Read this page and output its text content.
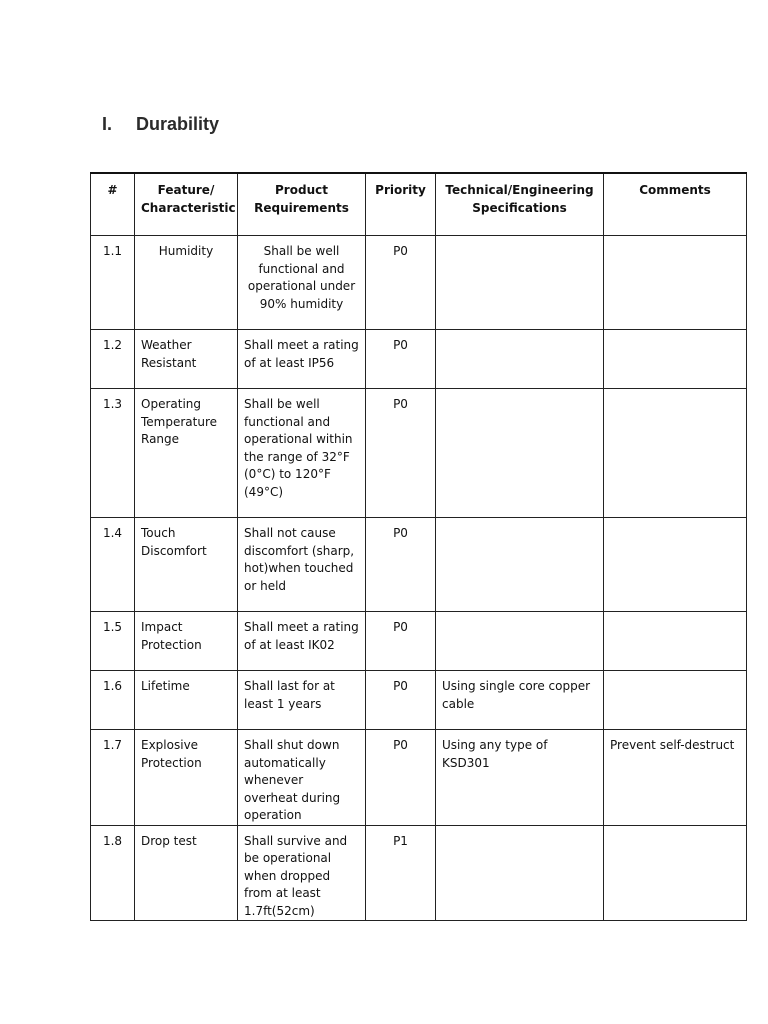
I.	Durability
#	Feature/ Characteristic	Product Requirements	Priority	Technical/Engineering Specifications	Comments
1.1	Humidity	Shall be well functional and operational under 90% humidity	P0		
1.2	Weather Resistant	Shall meet a rating of at least IP56	P0		
1.3	Operating Temperature Range	Shall be well functional and operational within the range of 32°F (0°C) to 120°F (49°C)	P0		
1.4	Touch Discomfort	Shall not cause discomfort (sharp, hot)when touched or held	P0		
1.5	Impact Protection	Shall meet a rating of at least IK02	P0		
1.6	Lifetime	Shall last for at least 1 years	P0	Using single core copper cable	
1.7	Explosive Protection	Shall shut down automatically whenever overheat during operation	P0	Using any type of KSD301	Prevent self-destruct
1.8	Drop test	Shall survive and be operational when dropped from at least 1.7ft(52cm)	P1		
